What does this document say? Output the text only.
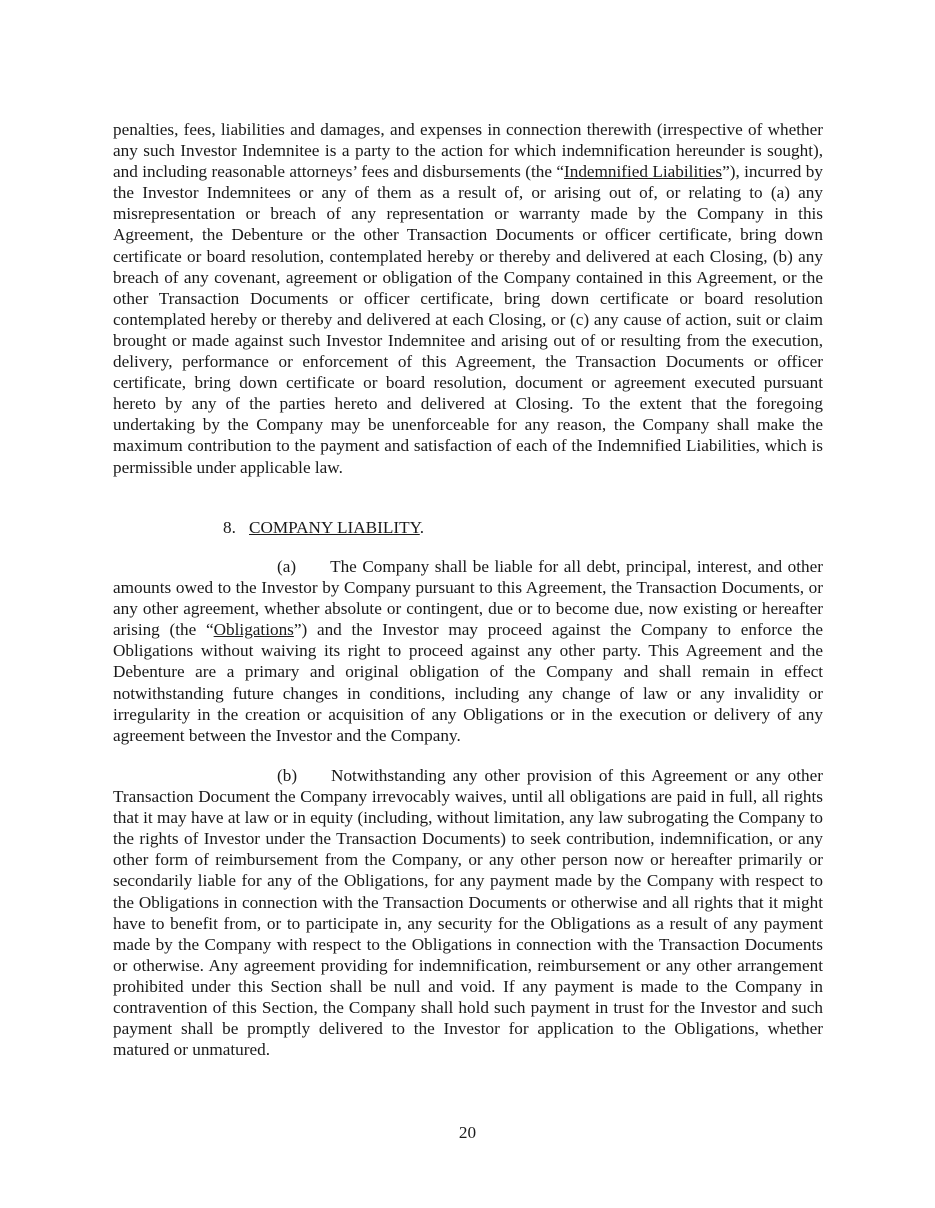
penalties, fees, liabilities and damages, and expenses in connection therewith (irrespective of whether any such Investor Indemnitee is a party to the action for which indemnification hereunder is sought), and including reasonable attorneys’ fees and disbursements (the “Indemnified Liabilities”), incurred by the Investor Indemnitees or any of them as a result of, or arising out of, or relating to (a) any misrepresentation or breach of any representation or warranty made by the Company in this Agreement, the Debenture or the other Transaction Documents or officer certificate, bring down certificate or board resolution, contemplated hereby or thereby and delivered at each Closing, (b) any breach of any covenant, agreement or obligation of the Company contained in this Agreement, or the other Transaction Documents or officer certificate, bring down certificate or board resolution contemplated hereby or thereby and delivered at each Closing, or (c) any cause of action, suit or claim brought or made against such Investor Indemnitee and arising out of or resulting from the execution, delivery, performance or enforcement of this Agreement, the Transaction Documents or officer certificate, bring down certificate or board resolution, document or agreement executed pursuant hereto by any of the parties hereto and delivered at Closing. To the extent that the foregoing undertaking by the Company may be unenforceable for any reason, the Company shall make the maximum contribution to the payment and satisfaction of each of the Indemnified Liabilities, which is permissible under applicable law.

8. COMPANY LIABILITY.

(a) The Company shall be liable for all debt, principal, interest, and other amounts owed to the Investor by Company pursuant to this Agreement, the Transaction Documents, or any other agreement, whether absolute or contingent, due or to become due, now existing or hereafter arising (the “Obligations”) and the Investor may proceed against the Company to enforce the Obligations without waiving its right to proceed against any other party. This Agreement and the Debenture are a primary and original obligation of the Company and shall remain in effect notwithstanding future changes in conditions, including any change of law or any invalidity or irregularity in the creation or acquisition of any Obligations or in the execution or delivery of any agreement between the Investor and the Company.

(b) Notwithstanding any other provision of this Agreement or any other Transaction Document the Company irrevocably waives, until all obligations are paid in full, all rights that it may have at law or in equity (including, without limitation, any law subrogating the Company to the rights of Investor under the Transaction Documents) to seek contribution, indemnification, or any other form of reimbursement from the Company, or any other person now or hereafter primarily or secondarily liable for any of the Obligations, for any payment made by the Company with respect to the Obligations in connection with the Transaction Documents or otherwise and all rights that it might have to benefit from, or to participate in, any security for the Obligations as a result of any payment made by the Company with respect to the Obligations in connection with the Transaction Documents or otherwise. Any agreement providing for indemnification, reimbursement or any other arrangement prohibited under this Section shall be null and void. If any payment is made to the Company in contravention of this Section, the Company shall hold such payment in trust for the Investor and such payment shall be promptly delivered to the Investor for application to the Obligations, whether matured or unmatured.

20
